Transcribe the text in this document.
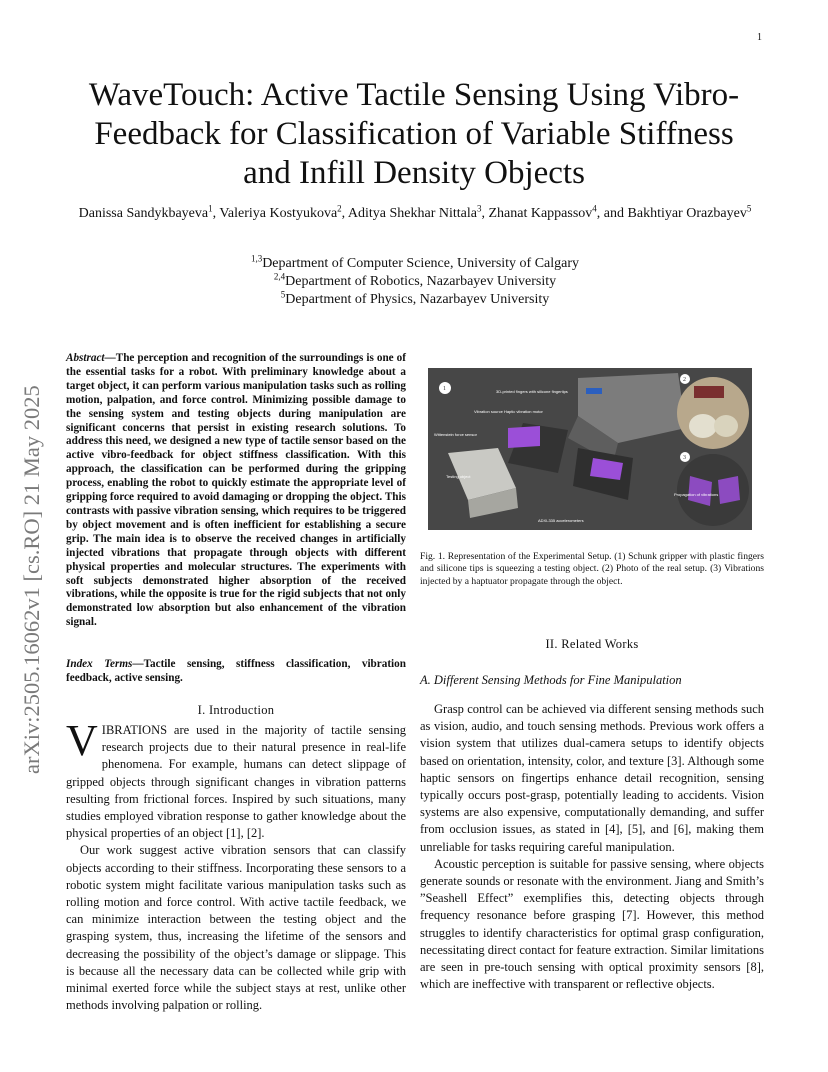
1
arXiv:2505.16062v1 [cs.RO] 21 May 2025
WaveTouch: Active Tactile Sensing Using Vibro-Feedback for Classification of Variable Stiffness and Infill Density Objects
Danissa Sandykbayeva$^1$, Valeriya Kostyukova$^2$, Aditya Shekhar Nittala$^3$, Zhanat Kappassov$^4$, and Bakhtiyar Orazbayev$^5$
$^{1,3}$Department of Computer Science, University of Calgary
$^{2,4}$Department of Robotics, Nazarbayev University
$^5$Department of Physics, Nazarbayev University
Abstract—The perception and recognition of the surroundings is one of the essential tasks for a robot. With preliminary knowledge about a target object, it can perform various manipulation tasks such as rolling motion, palpation, and force control. Minimizing possible damage to the sensing system and testing objects during manipulation are significant concerns that persist in existing research solutions. To address this need, we designed a new type of tactile sensor based on the active vibro-feedback for object stiffness classification. With this approach, the classification can be performed during the gripping process, enabling the robot to quickly estimate the appropriate level of gripping force required to avoid damaging or dropping the object. This contrasts with passive vibration sensing, which requires to be triggered by object movement and is often inefficient for establishing a secure grip. The main idea is to observe the received changes in artificially injected vibrations that propagate through objects with different physical properties and molecular structures. The experiments with soft subjects demonstrated higher absorption of the received vibrations, while the opposite is true for the rigid subjects that not only demonstrated low absorption but also enhancement of the vibration signal.
Index Terms—Tactile sensing, stiffness classification, vibration feedback, active sensing.
I. Introduction

VIBRATIONS are used in the majority of tactile sensing research projects due to their natural presence in real-life phenomena. For example, humans can detect slippage of gripped objects through significant changes in vibration patterns resulting from frictional forces. Inspired by such situations, many studies employed vibration response to gather knowledge about the physical properties of an object [1], [2].

Our work suggest active vibration sensors that can classify objects according to their stiffness. Incorporating these sensors to a robotic system might facilitate various manipulation tasks such as rolling motion and force control. With active tactile feedback, we can minimize interaction between the testing object and the grasping system, thus, increasing the lifetime of the sensors and decreasing the possibility of the object’s damage or slippage. This is because all the necessary data can be collected while grip with minimal exerted force while the subject stays at rest, unlike other methods involving palpation or rolling.

1
2
3
3D-printed fingers with silicone fingertips
Vibration source Haptic vibration motor
Wittenstein force sensor
Testing object
ADXL335 accelerometers
Propagation of vibrations
Fig. 1. Representation of the Experimental Setup. (1) Schunk gripper with plastic fingers and silicone tips is squeezing a testing object. (2) Photo of the real setup. (3) Vibrations injected by a haptuator propagate through the object.
II. Related Works
A. Different Sensing Methods for Fine Manipulation

Grasp control can be achieved via different sensing methods such as vision, audio, and touch sensing methods. Previous work offers a vision system that utilizes dual-camera setups to identify objects based on orientation, intensity, color, and texture [3]. Although some haptic sensors on fingertips enhance detail recognition, sensing typically occurs post-grasp, potentially leading to accidents. Vision systems are also expensive, computationally demanding, and suffer from occlusion issues, as stated in [4], [5], and [6], making them unreliable for tasks requiring careful manipulation.

Acoustic perception is suitable for passive sensing, where objects generate sounds or resonate with the environment. Jiang and Smith’s ”Seashell Effect” exemplifies this, detecting objects through frequency resonance before grasping [7]. However, this method struggles to identify characteristics for optimal grasp configuration, necessitating direct contact for feature extraction. Similar limitations are seen in pre-touch sensing with optical proximity sensors [8], which are ineffective with transparent or reflective objects.
